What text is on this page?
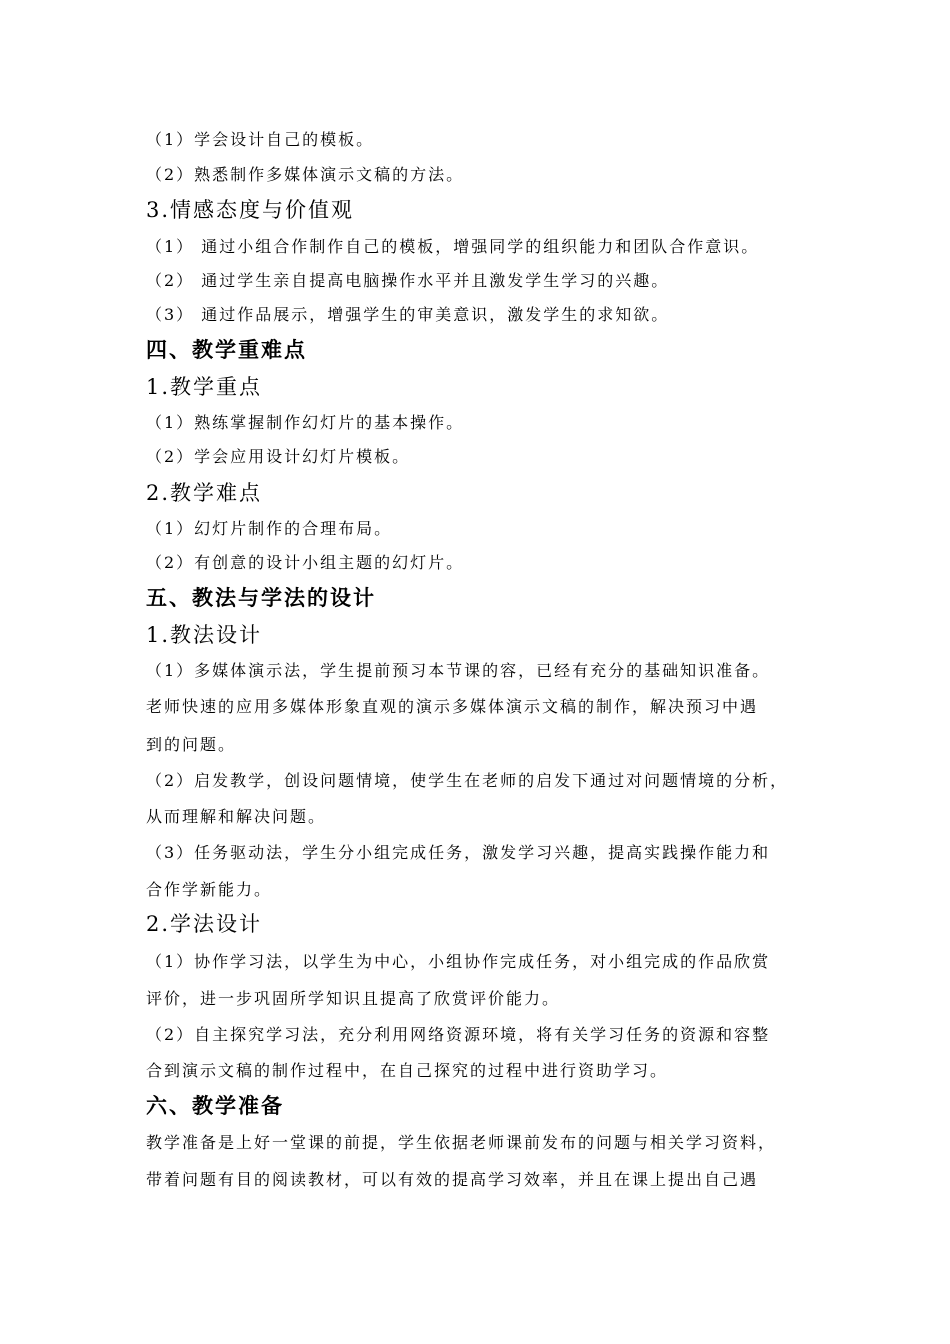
（1）学会设计自己的模板。
（2）熟悉制作多媒体演示文稿的方法。
3.情感态度与价值观
（1） 通过小组合作制作自己的模板，增强同学的组织能力和团队合作意识。
（2） 通过学生亲自提高电脑操作水平并且激发学生学习的兴趣。
（3） 通过作品展示，增强学生的审美意识，激发学生的求知欲。
四、教学重难点
1.教学重点
（1）熟练掌握制作幻灯片的基本操作。
（2）学会应用设计幻灯片模板。
2.教学难点
（1）幻灯片制作的合理布局。
（2）有创意的设计小组主题的幻灯片。
五、教法与学法的设计
1.教法设计
（1）多媒体演示法，学生提前预习本节课的容，已经有充分的基础知识准备。
老师快速的应用多媒体形象直观的演示多媒体演示文稿的制作，解决预习中遇
到的问题。
（2）启发教学，创设问题情境，使学生在老师的启发下通过对问题情境的分析，
从而理解和解决问题。
（3）任务驱动法，学生分小组完成任务，激发学习兴趣，提高实践操作能力和
合作学新能力。
2.学法设计
（1）协作学习法，以学生为中心，小组协作完成任务，对小组完成的作品欣赏
评价，进一步巩固所学知识且提高了欣赏评价能力。
（2）自主探究学习法，充分利用网络资源环境，将有关学习任务的资源和容整
合到演示文稿的制作过程中，在自己探究的过程中进行资助学习。
六、教学准备
教学准备是上好一堂课的前提，学生依据老师课前发布的问题与相关学习资料，
带着问题有目的阅读教材，可以有效的提高学习效率，并且在课上提出自己遇
